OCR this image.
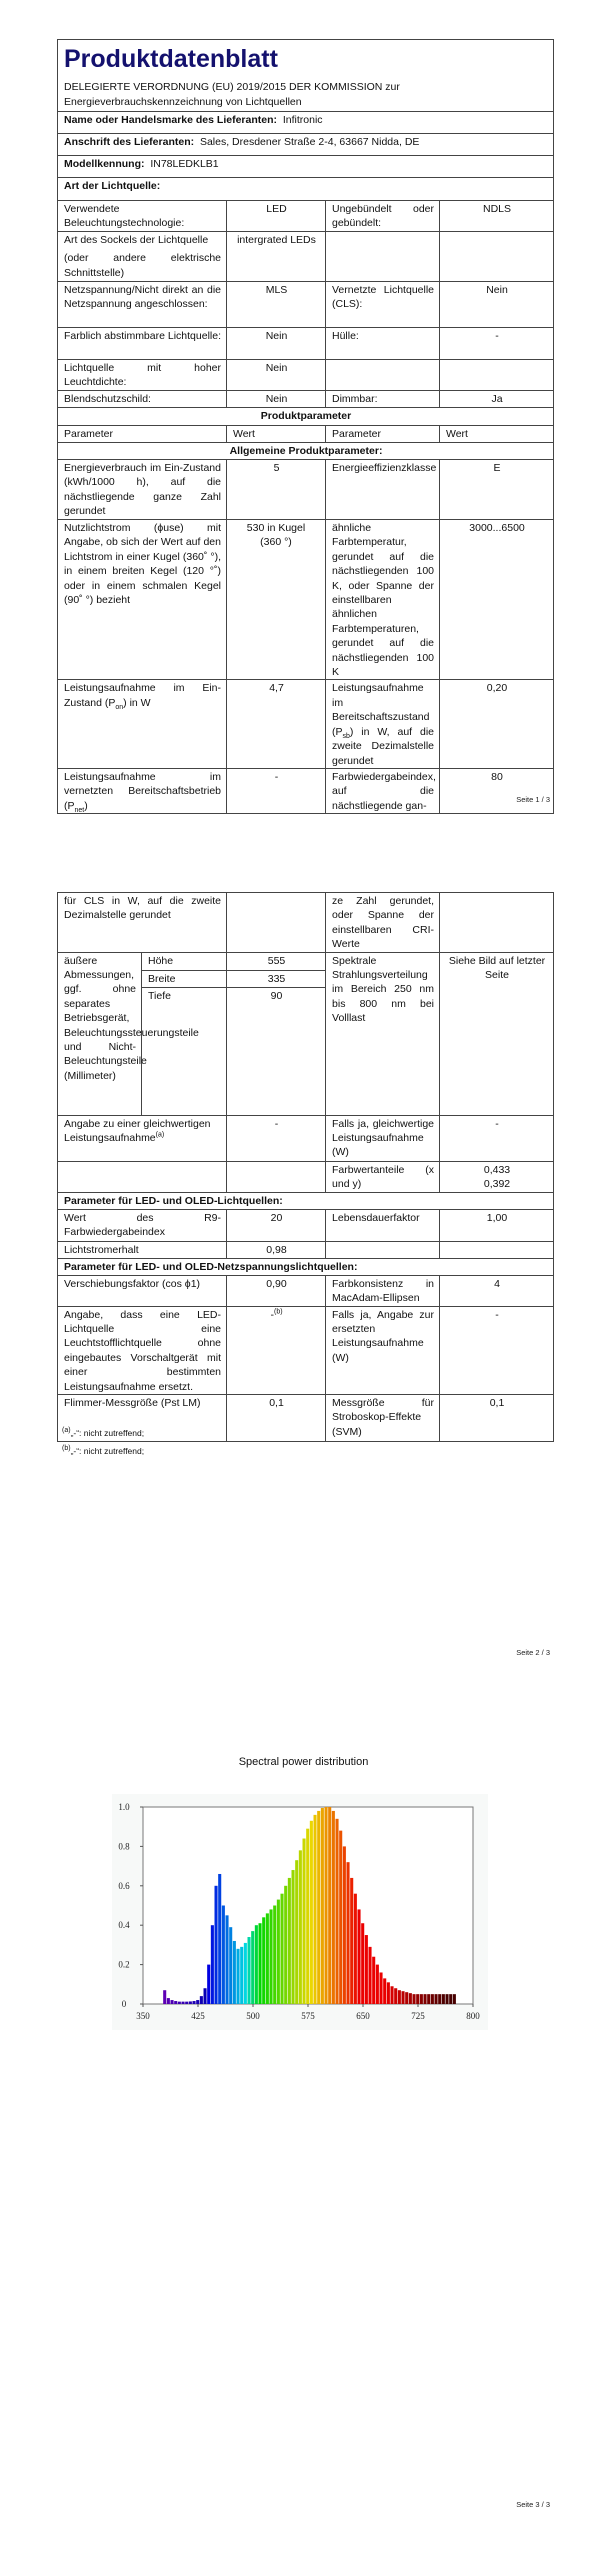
Produktdatenblatt
DELEGIERTE VERORDNUNG (EU) 2019/2015 DER KOMMISSION zur
Energieverbrauchskennzeichnung von Lichtquellen			

Name oder Handelsmarke des Lieferanten: Infitronic			
Anschrift des Lieferanten: Sales, Dresdener Straße 2-4, 63667 Nidda, DE			
Modellkennung: IN78LEDKLB1			
Art der Lichtquelle:			
Verwendete Beleuchtungstechnologie:	LED	Ungebündelt oder gebündelt:	NDLS
Art des Sockels der Lichtquelle
(oder andere elektrische Schnittstelle)	intergrated LEDs		
Netzspannung/Nicht direkt an die Netzspannung angeschlossen:	MLS	Vernetzte Lichtquelle (CLS):	Nein
Farblich abstimmbare Lichtquelle:	Nein	Hülle:	-
Lichtquelle mit hoher Leuchtdichte:	Nein		
Blendschutzschild:	Nein	Dimmbar:	Ja
Produktparameter			
Parameter	Wert	Parameter	Wert
Allgemeine Produktparameter:			
Energieverbrauch im Ein-Zustand (kWh/1000 h), auf die nächstliegende ganze Zahl gerundet	5	Energieeffizienzklasse	E
Nutzlichtstrom (ϕuse) mit Angabe, ob sich der Wert auf den Lichtstrom in einer Kugel (360˚ °), in einem breiten Kegel (120 °˚) oder in einem schmalen Kegel (90˚ °) bezieht	530 in Kugel (360 °)	ähnliche Farbtemperatur, gerundet auf die nächstliegenden 100 K, oder Spanne der einstellbaren ähnlichen Farbtemperaturen, gerundet auf die nächstliegenden 100 K	3000...6500
Leistungsaufnahme im Ein-Zustand $(P_{on})$ in W	4,7	Leistungsaufnahme im Bereitschaftszustand $(P_{sb})$ in W, auf die zweite Dezimalstelle gerundet	0,20
Leistungsaufnahme im vernetzten Bereitschaftsbetrieb $(P_{net})$	-	Farbwiedergabeindex, auf die nächstliegende gan-	80
Seite 1 / 3
für CLS in W, auf die zweite Dezimalstelle gerundet			ze Zahl gerundet, oder Spanne der einstellbaren CRI-Werte	
äußere Abmessungen, ggf. ohne separates Betriebsgerät, Beleuchtungssteuerungsteile und Nicht-Beleuchtungsteile (Millimeter)	Höhe	555	Spektrale Strahlungsverteilung im Bereich 250 nm bis 800 nm bei Volllast	Siehe Bild auf letzter Seite
	Breite	335		
	Tiefe	90		
Angabe zu einer gleichwertigen Leistungsaufnahme$^{(a)}$		-	Falls ja, gleichwertige Leistungsaufnahme (W)	-
			Farbwertanteile (x und y)	0,433
0,392
Parameter für LED- und OLED-Lichtquellen:				
Wert des R9-Farbwiedergabeindex		20	Lebensdauerfaktor	1,00
Lichtstromerhalt		0,98		
Parameter für LED- und OLED-Netzspannungslichtquellen:				
Verschiebungsfaktor (cos ϕ1)		0,90	Farbkonsistenz in MacAdam-Ellipsen	4
Angabe, dass eine LED-Lichtquelle eine Leuchtstofflichtquelle ohne eingebautes Vorschaltgerät mit einer bestimmten Leistungsaufnahme ersetzt.		-$^{(b)}$	Falls ja, Angabe zur ersetzten Leistungsaufnahme (W)	-
Flimmer-Messgröße (Pst LM)		0,1	Messgröße für Stroboskop-Effekte (SVM)	0,1
$^{(a)}$„-“: nicht zutreffend;
$^{(b)}$„-“: nicht zutreffend;
Seite 2 / 3
Spectral power distribution
350	425	500	575	650	725	800
0
0.2
0.4
0.6
0.8
1.0
Seite 3 / 3
